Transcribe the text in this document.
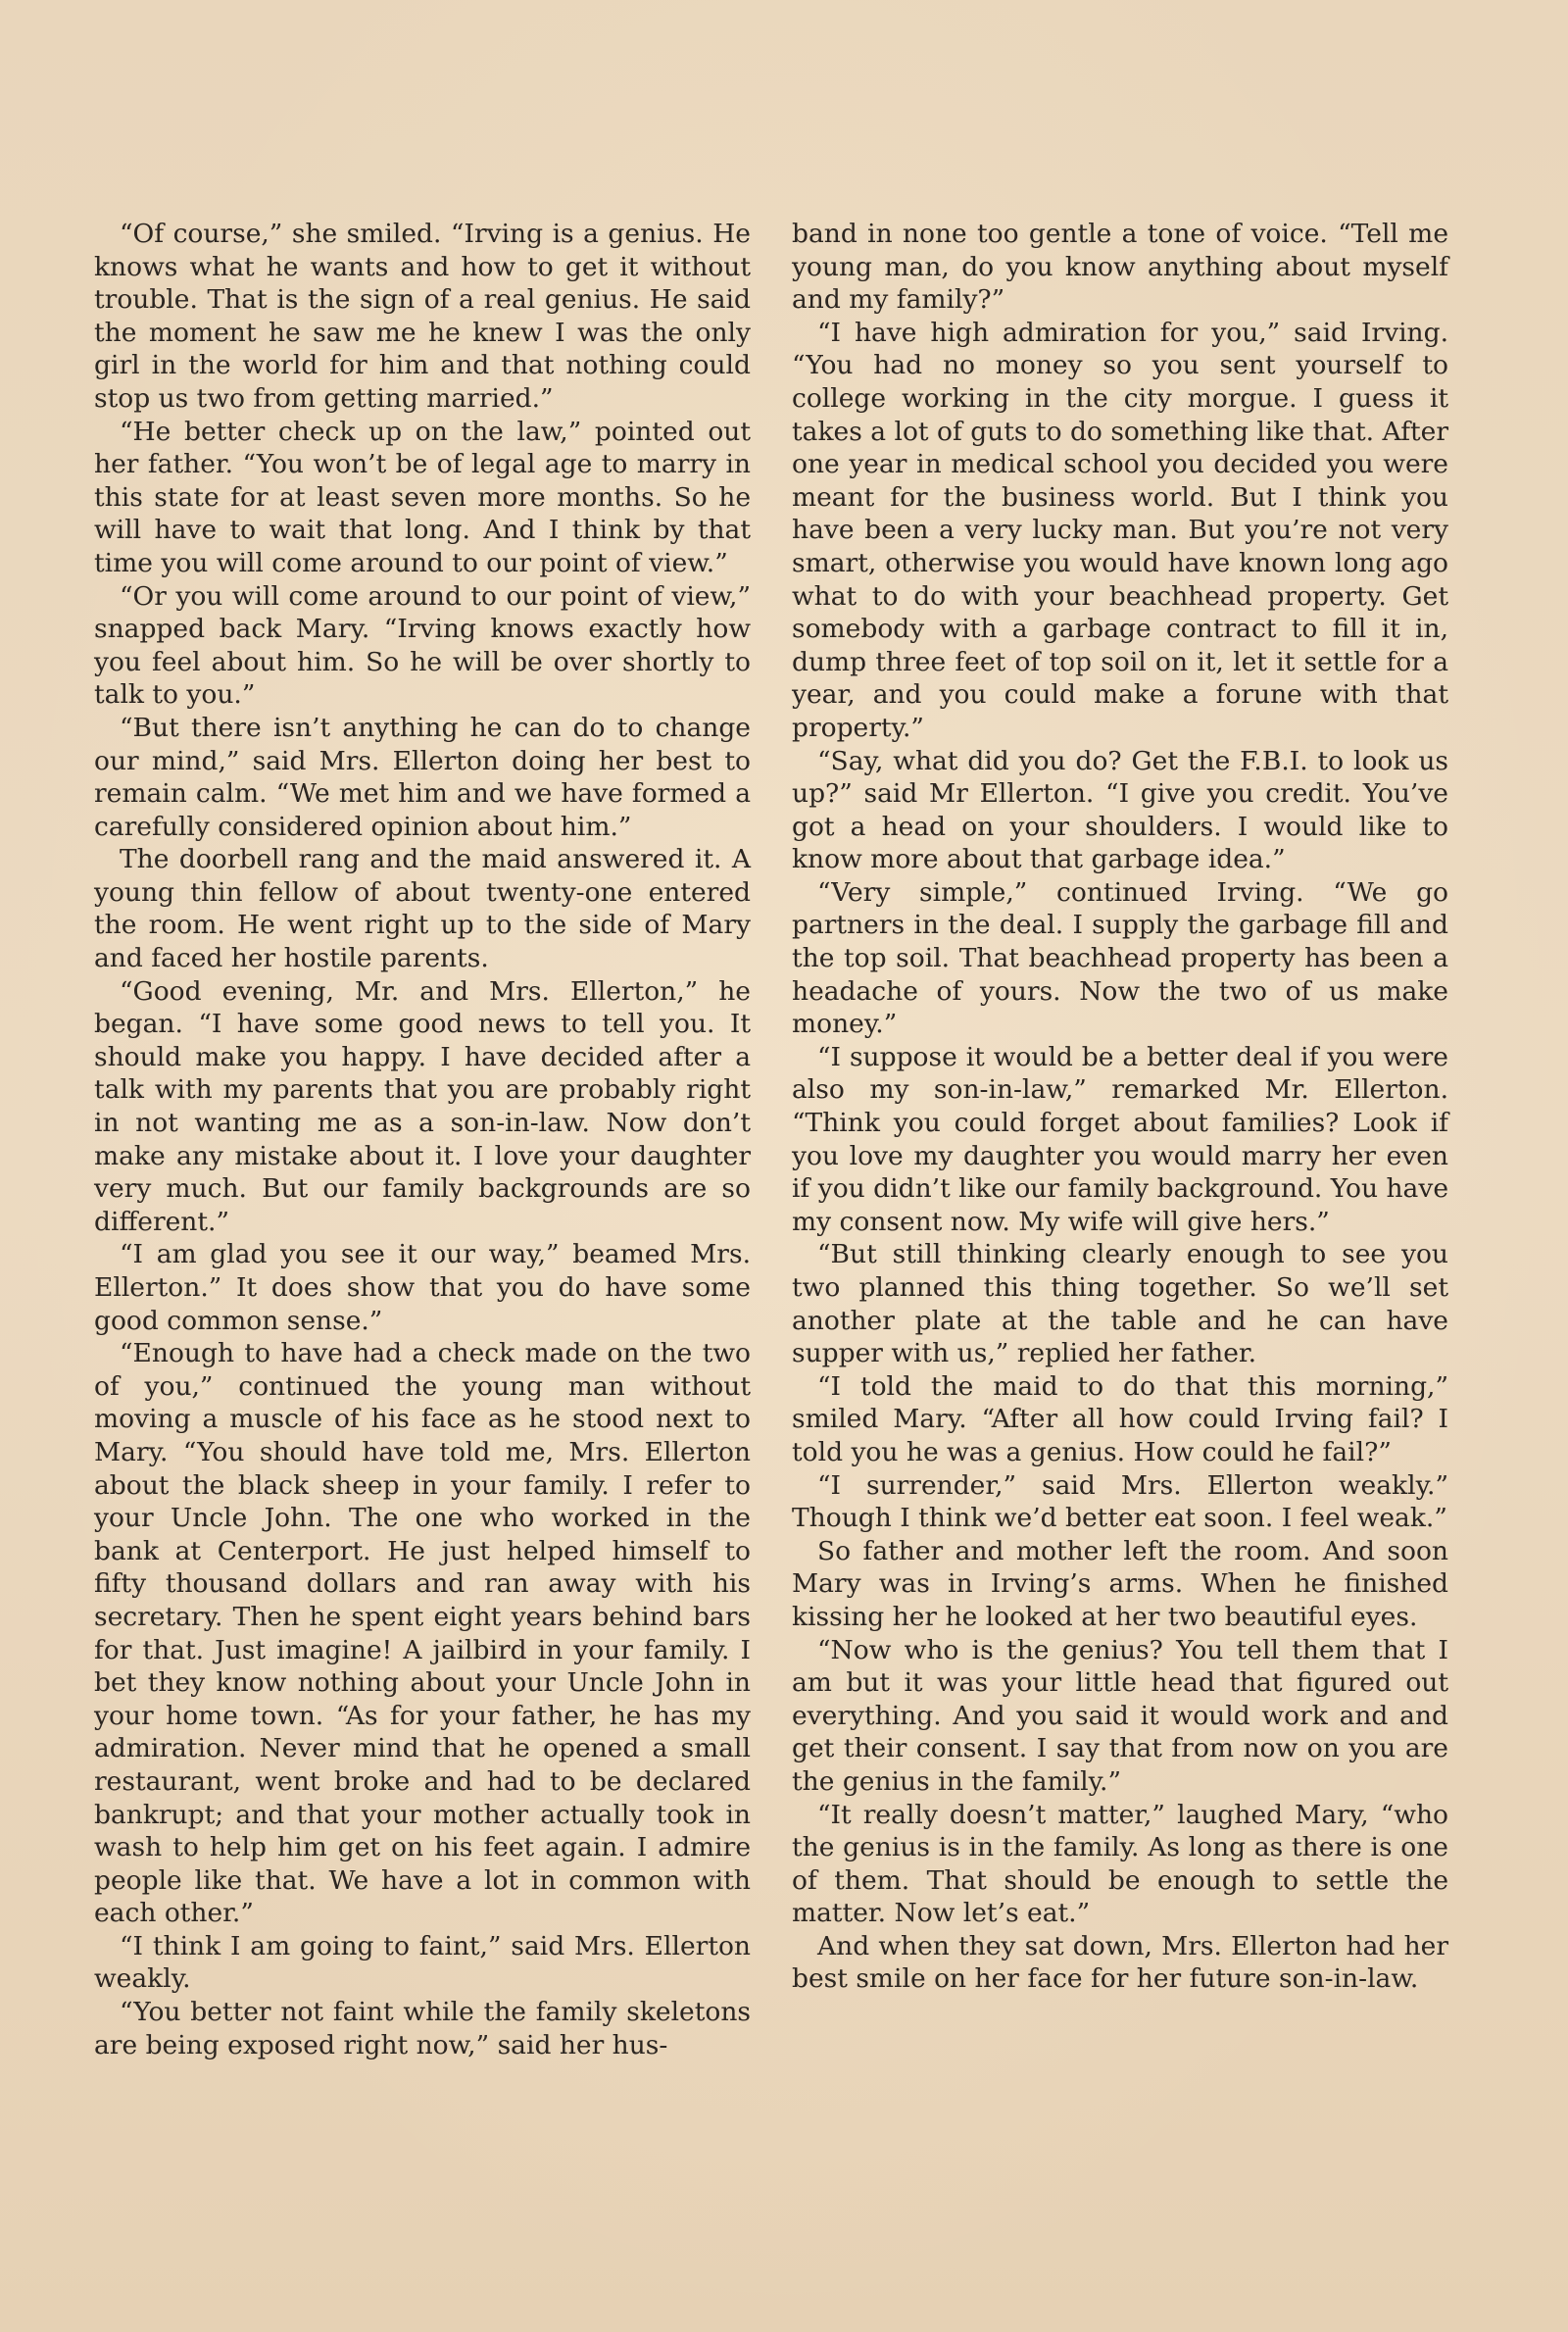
“Of course,” she smiled. “Irving is a genius. He knows what he wants and how to get it without trouble. That is the sign of a real genius. He said the moment he saw me he knew I was the only girl in the world for him and that nothing could stop us two from getting married.”

“He better check up on the law,” pointed out her father. “You won’t be of legal age to marry in this state for at least seven more months. So he will have to wait that long. And I think by that time you will come around to our point of view.”

“Or you will come around to our point of view,” snapped back Mary. “Irving knows exactly how you feel about him. So he will be over shortly to talk to you.”

“But there isn’t anything he can do to change our mind,” said Mrs. Ellerton doing her best to remain calm. “We met him and we have formed a carefully considered opinion about him.”

The doorbell rang and the maid answered it. A young thin fellow of about twenty-one entered the room. He went right up to the side of Mary and faced her hostile parents.

“Good evening, Mr. and Mrs. Ellerton,” he began. “I have some good news to tell you. It should make you happy. I have decided after a talk with my parents that you are probably right in not wanting me as a son-in-law. Now don’t make any mistake about it. I love your daughter very much. But our family backgrounds are so different.”

“I am glad you see it our way,” beamed Mrs. Ellerton.” It does show that you do have some good common sense.”

“Enough to have had a check made on the two of you,” continued the young man without moving a muscle of his face as he stood next to Mary. “You should have told me, Mrs. Ellerton about the black sheep in your family. I refer to your Uncle John. The one who worked in the bank at Centerport. He just helped himself to fifty thousand dollars and ran away with his secretary. Then he spent eight years behind bars for that. Just imagine! A jailbird in your family. I bet they know nothing about your Uncle John in your home town. “As for your father, he has my admiration. Never mind that he opened a small restaurant, went broke and had to be declared bankrupt; and that your mother actually took in wash to help him get on his feet again. I admire people like that. We have a lot in common with each other.”

“I think I am going to faint,” said Mrs. Ellerton weakly.

“You better not faint while the family skeletons are being exposed right now,” said her hus-

band in none too gentle a tone of voice. “Tell me young man, do you know anything about myself and my family?”

“I have high admiration for you,” said Irving. “You had no money so you sent yourself to college working in the city morgue. I guess it takes a lot of guts to do something like that. After one year in medical school you decided you were meant for the business world. But I think you have been a very lucky man. But you’re not very smart, otherwise you would have known long ago what to do with your beachhead property. Get somebody with a garbage contract to fill it in, dump three feet of top soil on it, let it settle for a year, and you could make a forune with that property.”

“Say, what did you do? Get the F.B.I. to look us up?” said Mr Ellerton. “I give you credit. You’ve got a head on your shoulders. I would like to know more about that garbage idea.”

“Very simple,” continued Irving. “We go partners in the deal. I supply the garbage fill and the top soil. That beachhead property has been a headache of yours. Now the two of us make money.”

“I suppose it would be a better deal if you were also my son-in-law,” remarked Mr. Ellerton. “Think you could forget about families? Look if you love my daughter you would marry her even if you didn’t like our family background. You have my consent now. My wife will give hers.”

“But still thinking clearly enough to see you two planned this thing together. So we’ll set another plate at the table and he can have supper with us,” replied her father.

“I told the maid to do that this morning,” smiled Mary. “After all how could Irving fail? I told you he was a genius. How could he fail?”

“I surrender,” said Mrs. Ellerton weakly.” Though I think we’d better eat soon. I feel weak.”

So father and mother left the room. And soon Mary was in Irving’s arms. When he finished kissing her he looked at her two beautiful eyes.

“Now who is the genius? You tell them that I am but it was your little head that figured out everything. And you said it would work and and get their consent. I say that from now on you are the genius in the family.”

“It really doesn’t matter,” laughed Mary, “who the genius is in the family. As long as there is one of them. That should be enough to settle the matter. Now let’s eat.”

And when they sat down, Mrs. Ellerton had her best smile on her face for her future son-in-law.
